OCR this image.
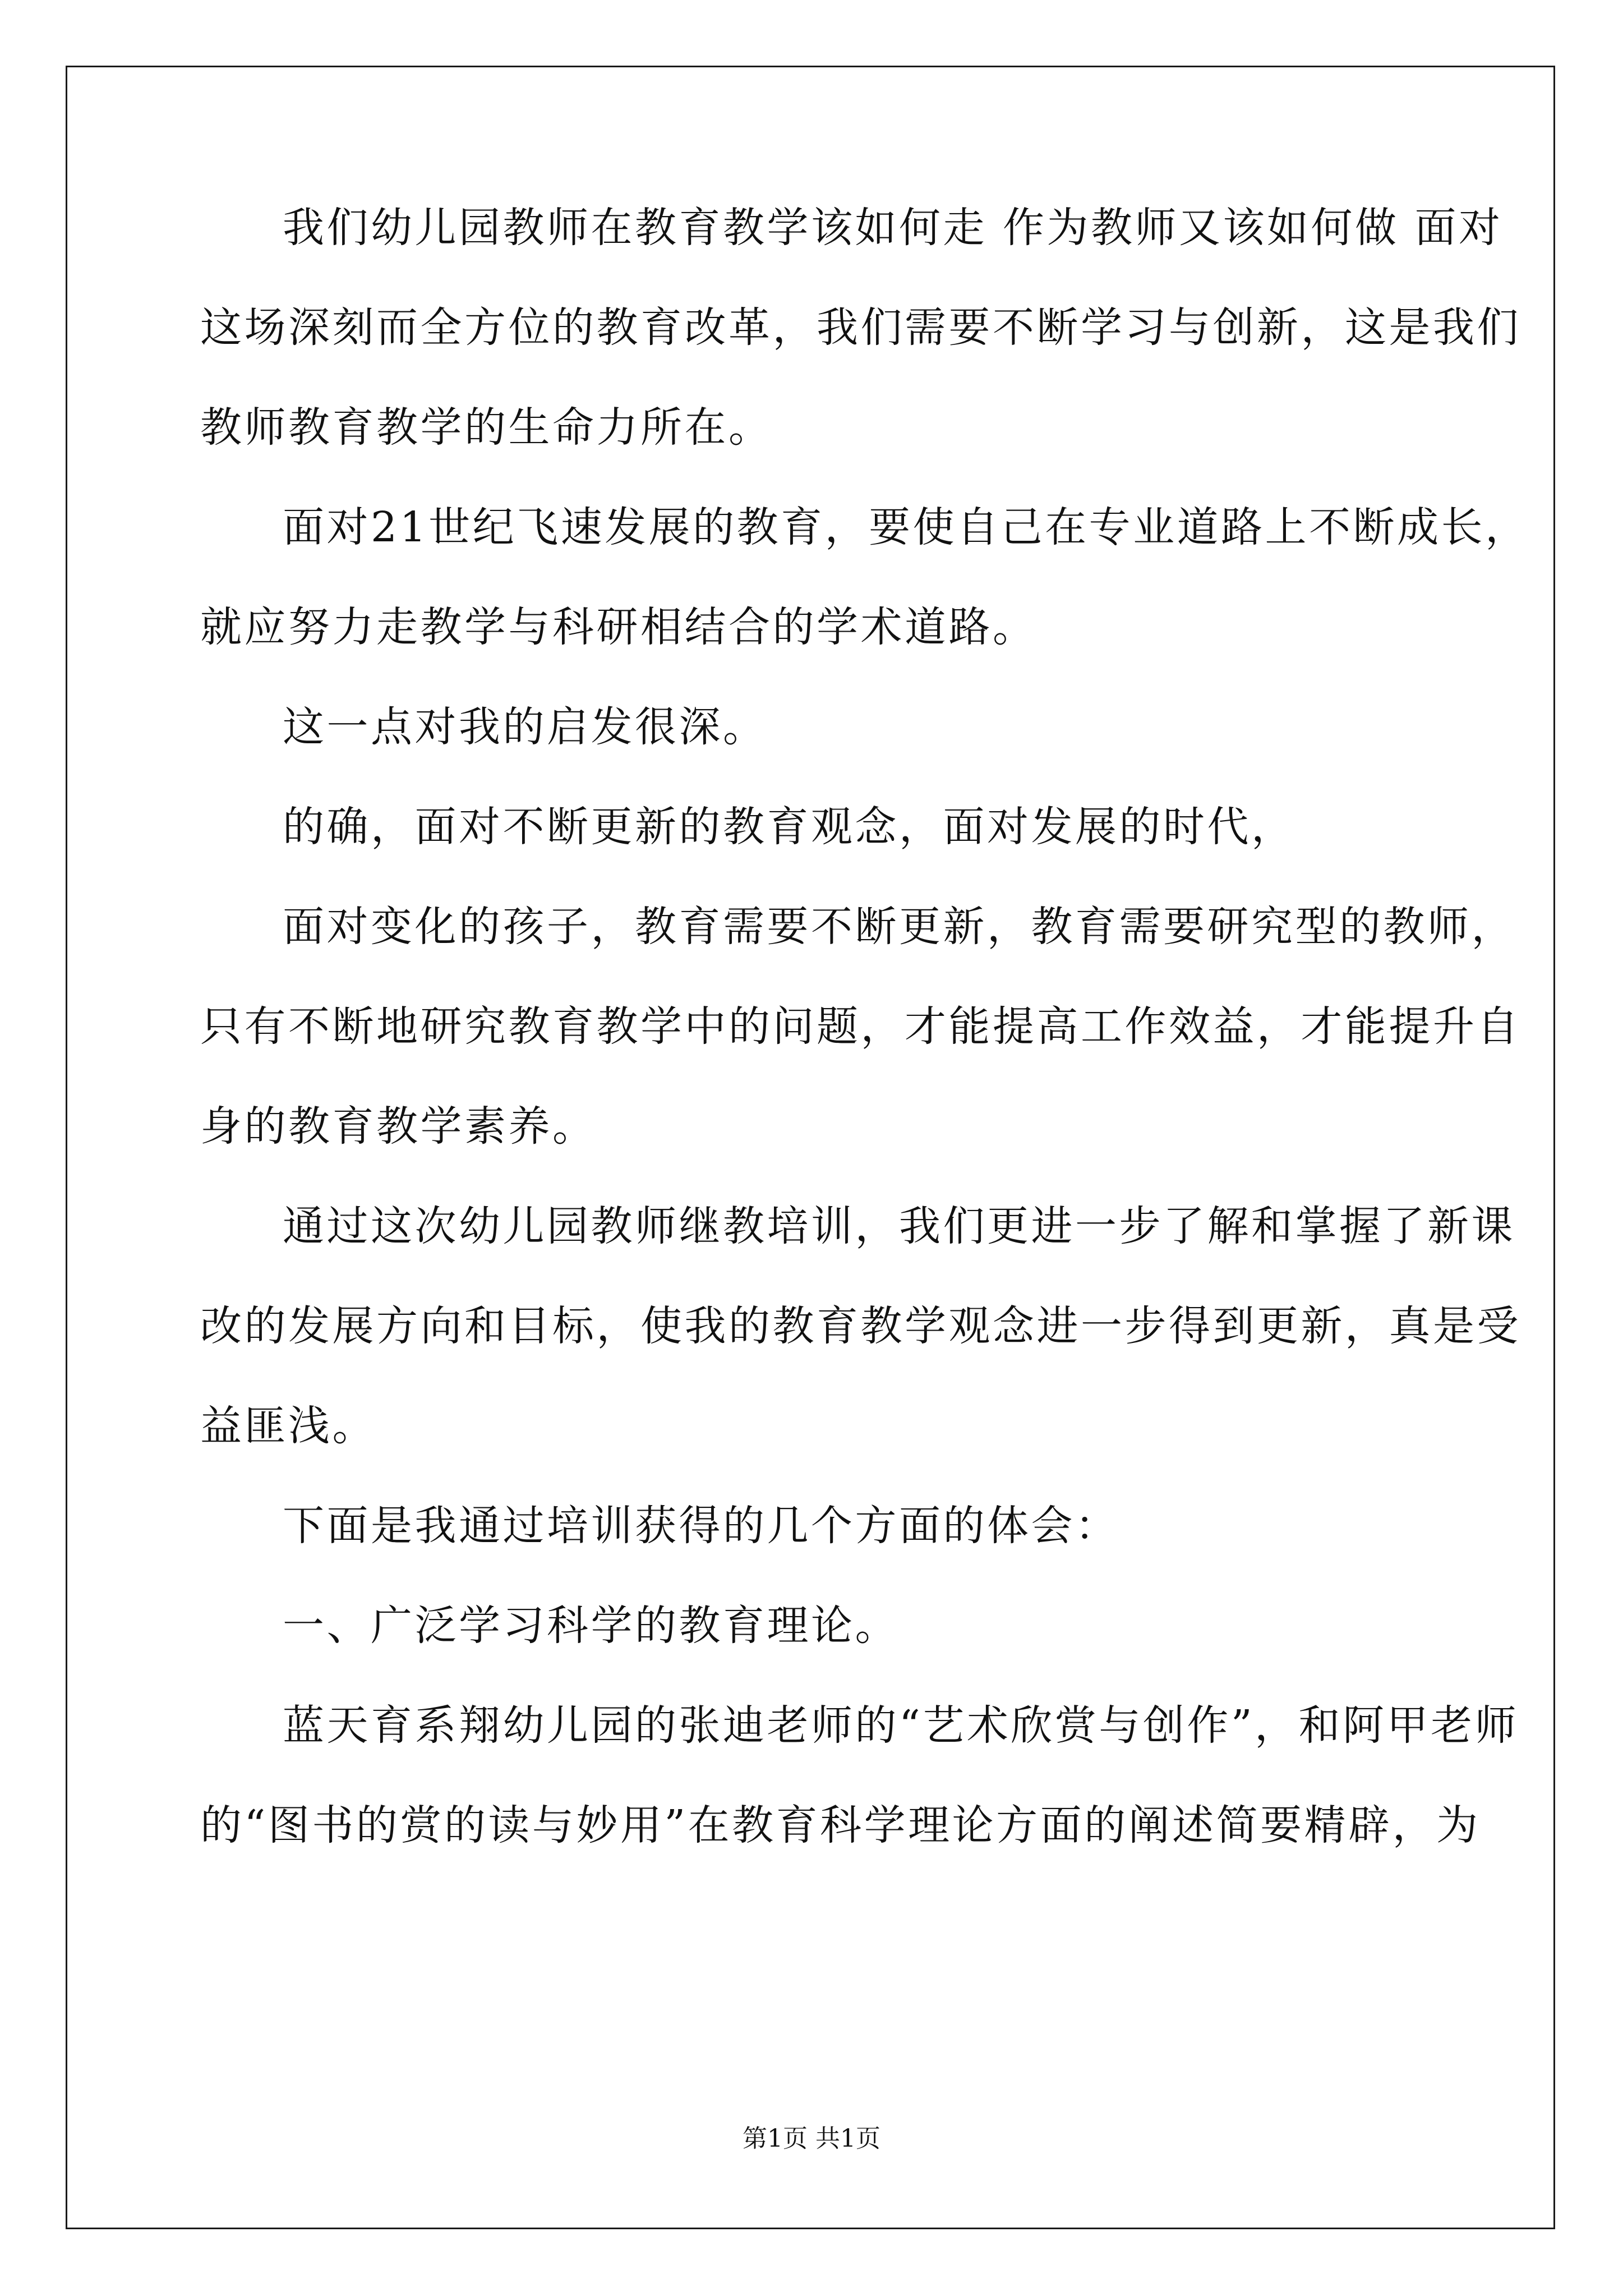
我们幼儿园教师在教育教学该如何走 作为教师又该如何做 面对
这场深刻而全方位的教育改革，我们需要不断学习与创新，这是我们
教师教育教学的生命力所在。
面对21世纪飞速发展的教育，要使自己在专业道路上不断成长，
就应努力走教学与科研相结合的学术道路。
这一点对我的启发很深。
的确，面对不断更新的教育观念，面对发展的时代，
面对变化的孩子，教育需要不断更新，教育需要研究型的教师，
只有不断地研究教育教学中的问题，才能提高工作效益，才能提升自
身的教育教学素养。
通过这次幼儿园教师继教培训，我们更进一步了解和掌握了新课
改的发展方向和目标，使我的教育教学观念进一步得到更新，真是受
益匪浅。
下面是我通过培训获得的几个方面的体会：
一、广泛学习科学的教育理论。
蓝天育系翔幼儿园的张迪老师的“艺术欣赏与创作”，和阿甲老师
的“图书的赏的读与妙用”在教育科学理论方面的阐述简要精辟，为
第1页 共1页
